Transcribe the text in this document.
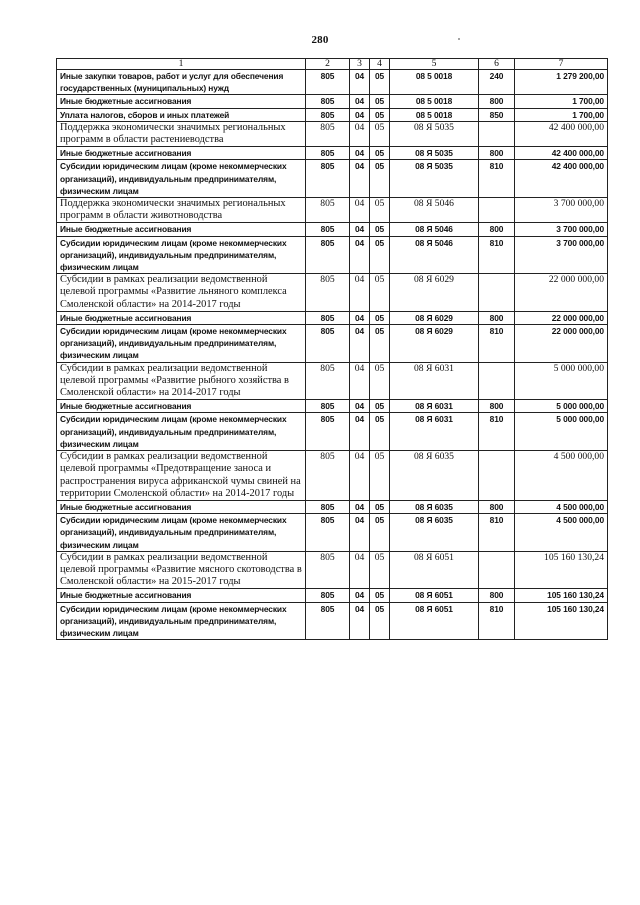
280
1	2	3	4	5	6	7
Иные закупки товаров, работ и услуг для обеспечения государственных (муниципальных) нужд	805	04	05	08 5 0018	240	1 279 200,00
Иные бюджетные ассигнования	805	04	05	08 5 0018	800	1 700,00
Уплата налогов, сборов и иных платежей	805	04	05	08 5 0018	850	1 700,00
Поддержка экономически значимых региональных программ в области растениеводства	805	04	05	08 Я 5035		42 400 000,00
Иные бюджетные ассигнования	805	04	05	08 Я 5035	800	42 400 000,00
Субсидии юридическим лицам (кроме некоммерческих организаций), индивидуальным предпринимателям, физическим лицам	805	04	05	08 Я 5035	810	42 400 000,00
Поддержка экономически значимых региональных программ в области животноводства	805	04	05	08 Я 5046		3 700 000,00
Иные бюджетные ассигнования	805	04	05	08 Я 5046	800	3 700 000,00
Субсидии юридическим лицам (кроме некоммерческих организаций), индивидуальным предпринимателям, физическим лицам	805	04	05	08 Я 5046	810	3 700 000,00
Субсидии в рамках реализации ведомственной целевой программы «Развитие льняного комплекса Смоленской области» на 2014-2017 годы	805	04	05	08 Я 6029		22 000 000,00
Иные бюджетные ассигнования	805	04	05	08 Я 6029	800	22 000 000,00
Субсидии юридическим лицам (кроме некоммерческих организаций), индивидуальным предпринимателям, физическим лицам	805	04	05	08 Я 6029	810	22 000 000,00
Субсидии в рамках реализации ведомственной целевой программы «Развитие рыбного хозяйства в Смоленской области» на 2014-2017 годы	805	04	05	08 Я 6031		5 000 000,00
Иные бюджетные ассигнования	805	04	05	08 Я 6031	800	5 000 000,00
Субсидии юридическим лицам (кроме некоммерческих организаций), индивидуальным предпринимателям, физическим лицам	805	04	05	08 Я 6031	810	5 000 000,00
Субсидии в рамках реализации ведомственной целевой программы «Предотвращение заноса и распространения вируса африканской чумы свиней на территории Смоленской области» на 2014-2017 годы	805	04	05	08 Я 6035		4 500 000,00
Иные бюджетные ассигнования	805	04	05	08 Я 6035	800	4 500 000,00
Субсидии юридическим лицам (кроме некоммерческих организаций), индивидуальным предпринимателям, физическим лицам	805	04	05	08 Я 6035	810	4 500 000,00
Субсидии в рамках реализации ведомственной целевой программы «Развитие мясного скотоводства в Смоленской области» на 2015-2017 годы	805	04	05	08 Я 6051		105 160 130,24
Иные бюджетные ассигнования	805	04	05	08 Я 6051	800	105 160 130,24
Субсидии юридическим лицам (кроме некоммерческих организаций), индивидуальным предпринимателям, физическим лицам	805	04	05	08 Я 6051	810	105 160 130,24
